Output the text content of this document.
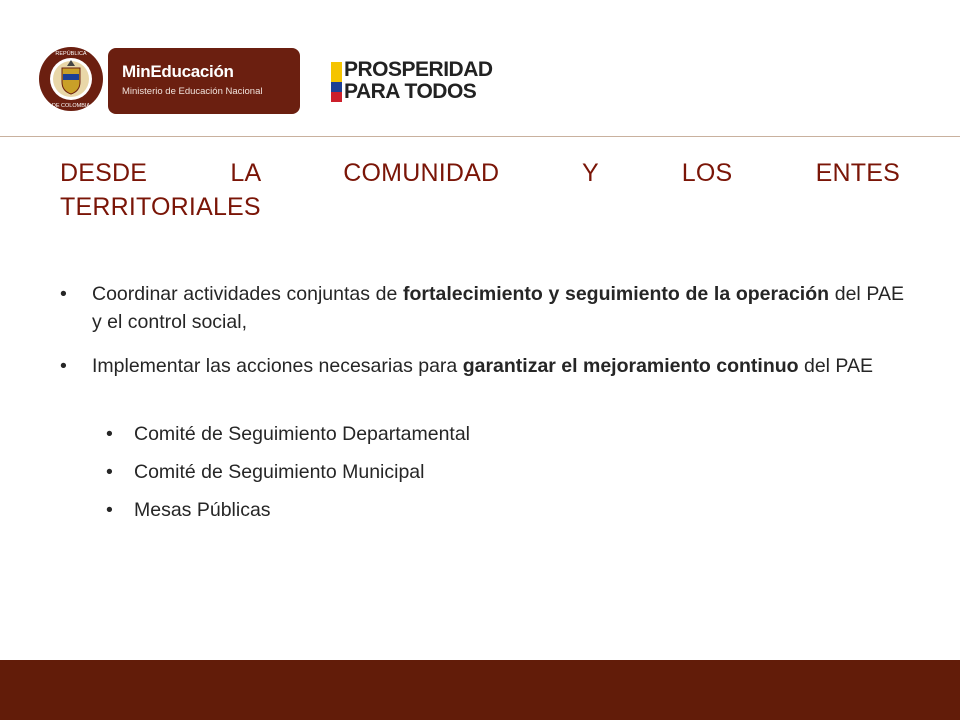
REPÚBLICA
DE COLOMBIA
MinEducación
Ministerio de Educación Nacional
PROSPERIDAD
PARA TODOS
DESDE LA COMUNIDAD Y LOS ENTES
TERRITORIALES
• Coordinar actividades conjuntas de fortalecimiento y seguimiento de la operación del PAE y el control social,
• Implementar las acciones necesarias para garantizar el mejoramiento continuo del PAE
• Comité de Seguimiento Departamental
• Comité de Seguimiento Municipal
• Mesas Públicas
